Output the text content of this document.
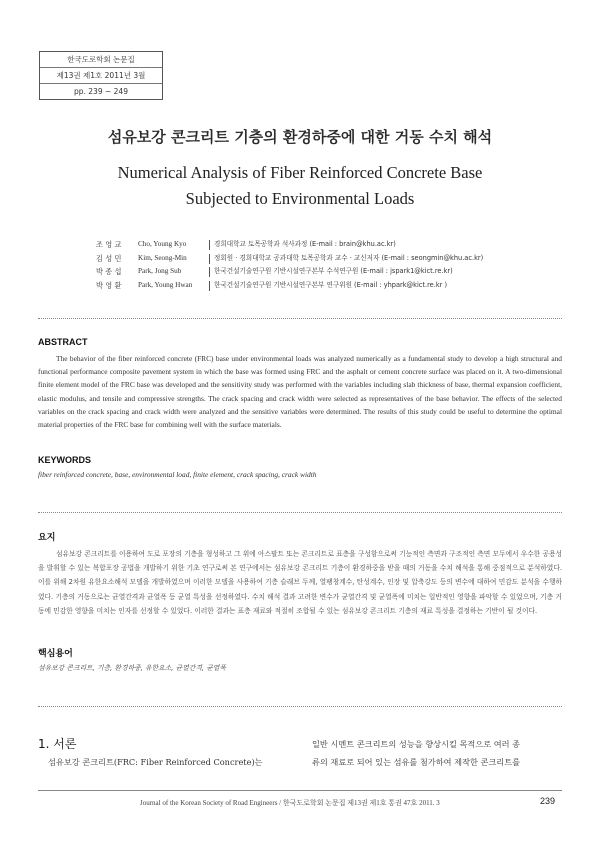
한국도로학회 논문집
제13권 제1호 2011년 3월
pp. 239 ~ 249
섬유보강 콘크리트 기층의 환경하중에 대한 거동 수치 해석
Numerical Analysis of Fiber Reinforced Concrete Base Subjected to Environmental Loads
조 영 교	Cho, Young Kyo	경희대학교 토목공학과 석사과정 (E-mail : brain@khu.ac.kr)
김 성 민	Kim, Seong-Min	정회원 · 경희대학교 공과대학 토목공학과 교수 · 교신저자 (E-mail : seongmin@khu.ac.kr)
박 종 섭	Park, Jong Sub	한국건설기술연구원 기반시설연구본부 수석연구원 (E-mail : jspark1@kict.re.kr)
박 영 환	Park, Young Hwan	한국건설기술연구원 기반시설연구본부 연구위원 (E-mail : yhpark@kict.re.kr )
ABSTRACT

The behavior of the fiber reinforced concrete (FRC) base under environmental loads was analyzed numerically as a fundamental study to develop a high structural and functional performance composite pavement system in which the base was formed using FRC and the asphalt or cement concrete surface was placed on it. A two-dimensional finite element model of the FRC base was developed and the sensitivity study was performed with the variables including slab thickness of base, thermal expansion coefficient, elastic modulus, and tensile and compressive strengths. The crack spacing and crack width were selected as representatives of the base behavior. The effects of the selected variables on the crack spacing and crack width were analyzed and the sensitive variables were determined. The results of this study could be useful to determine the optimal material properties of the FRC base for combining well with the surface materials.

KEYWORDS

fiber reinforced concrete, base, environmental load, finite element, crack spacing, crack width

요지

섬유보강 콘크리트를 이용하여 도로 포장의 기층을 형성하고 그 위에 아스팔트 또는 콘크리트로 표층을 구성함으로써 기능적인 측면과 구조적인 측면 모두에서 우수한 공용성을 발휘할 수 있는 복합포장 공법을 개발하기 위한 기초 연구로써 본 연구에서는 섬유보강 콘크리트 기층이 환경하중을 받을 때의 거동을 수치 해석을 통해 중점적으로 분석하였다. 이를 위해 2차원 유한요소해석 모델을 개발하였으며 이러한 모델을 사용하여 기층 슬래브 두께, 열팽창계수, 탄성계수, 인장 및 압축강도 등의 변수에 대하여 민감도 분석을 수행하였다. 기층의 거동으로는 균열간격과 균열폭 등 균열 특성을 선정하였다. 수치 해석 결과 고려한 변수가 균열간격 및 균열폭에 미치는 일반적인 영향을 파악할 수 있었으며, 기층 거동에 민감한 영향을 미치는 인자를 선정할 수 있었다. 이러한 결과는 표층 재료와 적절히 조합될 수 있는 섬유보강 콘크리트 기층의 재료 특성을 결정하는 기반이 될 것이다.

핵심용어

섬유보강 콘크리트, 기층, 환경하중, 유한요소, 균열간격, 균열폭

1. 서론

섬유보강 콘크리트(FRC: Fiber Reinforced Concrete)는

일반 시멘트 콘크리트의 성능을 향상시킬 목적으로 여러 종
류의 재료로 되어 있는 섬유를 첨가하여 제작한 콘크리트를
Journal of the Korean Society of Road Engineers / 한국도로학회 논문집 제13권 제1호 통권 47호 2011. 3	239
